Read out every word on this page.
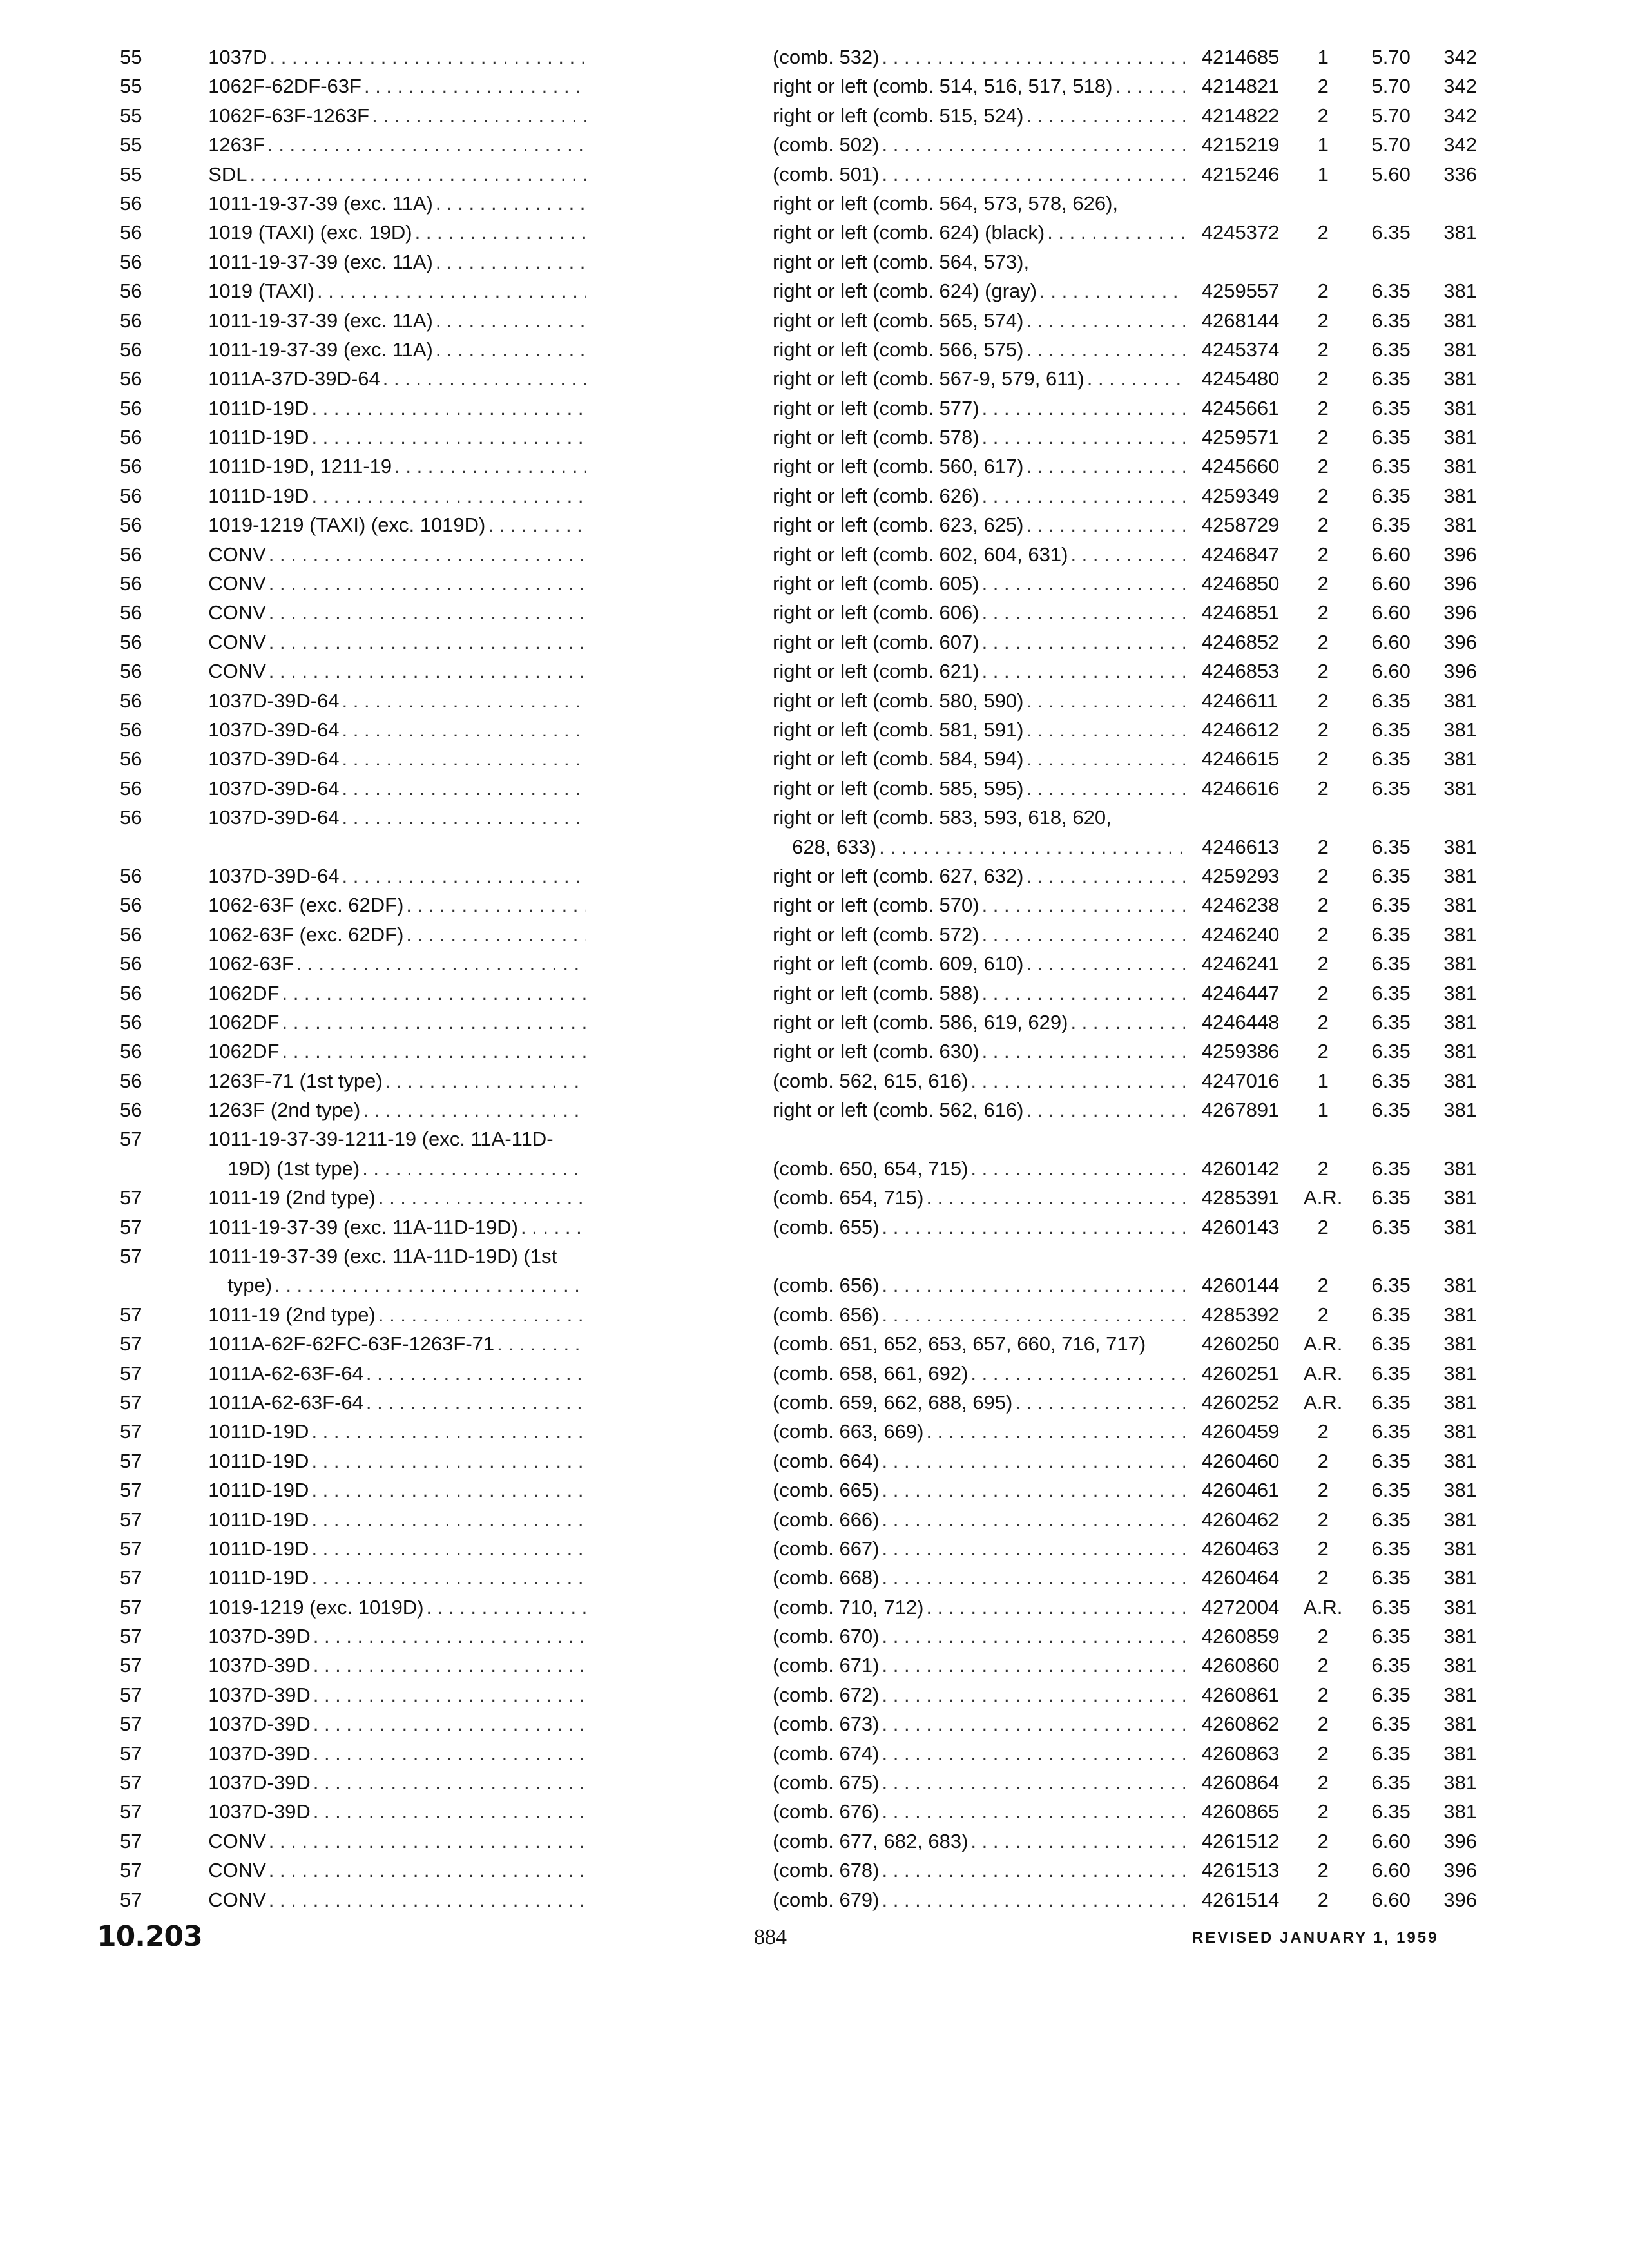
55	1037D . . .	(comb. 532) . . .	4214685	1	5.70	342
55	1062F-62DF-63F . . .	right or left (comb. 514, 516, 517, 518) . . .	4214821	2	5.70	342
55	1062F-63F-1263F . . .	right or left (comb. 515, 524) . . .	4214822	2	5.70	342
55	1263F . . .	(comb. 502) . . .	4215219	1	5.70	342
55	SDL . . .	(comb. 501) . . .	4215246	1	5.60	336
56	1011-19-37-39 (exc. 11A) . . .	right or left (comb. 564, 573, 578, 626),
56	1019 (TAXI) (exc. 19D) . . .	right or left (comb. 624) (black) . . .	4245372	2	6.35	381
56	1011-19-37-39 (exc. 11A) . . .	right or left (comb. 564, 573),
56	1019 (TAXI) . . .	right or left (comb. 624) (gray) . . .	4259557	2	6.35	381
56	1011-19-37-39 (exc. 11A) . . .	right or left (comb. 565, 574) . . .	4268144	2	6.35	381
56	1011-19-37-39 (exc. 11A) . . .	right or left (comb. 566, 575) . . .	4245374	2	6.35	381
56	1011A-37D-39D-64 . . .	right or left (comb. 567-9, 579, 611) . . .	4245480	2	6.35	381
56	1011D-19D . . .	right or left (comb. 577) . . .	4245661	2	6.35	381
56	1011D-19D . . .	right or left (comb. 578) . . .	4259571	2	6.35	381
56	1011D-19D, 1211-19 . . .	right or left (comb. 560, 617) . . .	4245660	2	6.35	381
56	1011D-19D . . .	right or left (comb. 626) . . .	4259349	2	6.35	381
56	1019-1219 (TAXI) (exc. 1019D) . . .	right or left (comb. 623, 625) . . .	4258729	2	6.35	381
56	CONV . . .	right or left (comb. 602, 604, 631) . . .	4246847	2	6.60	396
56	CONV . . .	right or left (comb. 605) . . .	4246850	2	6.60	396
56	CONV . . .	right or left (comb. 606) . . .	4246851	2	6.60	396
56	CONV . . .	right or left (comb. 607) . . .	4246852	2	6.60	396
56	CONV . . .	right or left (comb. 621) . . .	4246853	2	6.60	396
56	1037D-39D-64 . . .	right or left (comb. 580, 590) . . .	4246611	2	6.35	381
56	1037D-39D-64 . . .	right or left (comb. 581, 591) . . .	4246612	2	6.35	381
56	1037D-39D-64 . . .	right or left (comb. 584, 594) . . .	4246615	2	6.35	381
56	1037D-39D-64 . . .	right or left (comb. 585, 595) . . .	4246616	2	6.35	381
56	1037D-39D-64 . . .	right or left (comb. 583, 593, 618, 620,
628, 633) . . .	4246613	2	6.35	381
56	1037D-39D-64 . . .	right or left (comb. 627, 632) . . .	4259293	2	6.35	381
56	1062-63F (exc. 62DF) . . .	right or left (comb. 570) . . .	4246238	2	6.35	381
56	1062-63F (exc. 62DF) . . .	right or left (comb. 572) . . .	4246240	2	6.35	381
56	1062-63F . . .	right or left (comb. 609, 610) . . .	4246241	2	6.35	381
56	1062DF . . .	right or left (comb. 588) . . .	4246447	2	6.35	381
56	1062DF . . .	right or left (comb. 586, 619, 629) . . .	4246448	2	6.35	381
56	1062DF . . .	right or left (comb. 630) . . .	4259386	2	6.35	381
56	1263F-71 (1st type) . . .	(comb. 562, 615, 616) . . .	4247016	1	6.35	381
56	1263F (2nd type) . . .	right or left (comb. 562, 616) . . .	4267891	1	6.35	381
57	1011-19-37-39-1211-19 (exc. 11A-11D-
19D) (1st type) . . .	(comb. 650, 654, 715) . . .	4260142	2	6.35	381
57	1011-19 (2nd type) . . .	(comb. 654, 715) . . .	4285391	A.R.	6.35	381
57	1011-19-37-39 (exc. 11A-11D-19D) . . .	(comb. 655) . . .	4260143	2	6.35	381
57	1011-19-37-39 (exc. 11A-11D-19D) (1st
type) . . .	(comb. 656) . . .	4260144	2	6.35	381
57	1011-19 (2nd type) . . .	(comb. 656) . . .	4285392	2	6.35	381
57	1011A-62F-62FC-63F-1263F-71 . . .	(comb. 651, 652, 653, 657, 660, 716, 717)	4260250	A.R.	6.35	381
57	1011A-62-63F-64 . . .	(comb. 658, 661, 692) . . .	4260251	A.R.	6.35	381
57	1011A-62-63F-64 . . .	(comb. 659, 662, 688, 695) . . .	4260252	A.R.	6.35	381
57	1011D-19D . . .	(comb. 663, 669) . . .	4260459	2	6.35	381
57	1011D-19D . . .	(comb. 664) . . .	4260460	2	6.35	381
57	1011D-19D . . .	(comb. 665) . . .	4260461	2	6.35	381
57	1011D-19D . . .	(comb. 666) . . .	4260462	2	6.35	381
57	1011D-19D . . .	(comb. 667) . . .	4260463	2	6.35	381
57	1011D-19D . . .	(comb. 668) . . .	4260464	2	6.35	381
57	1019-1219 (exc. 1019D) . . .	(comb. 710, 712) . . .	4272004	A.R.	6.35	381
57	1037D-39D . . .	(comb. 670) . . .	4260859	2	6.35	381
57	1037D-39D . . .	(comb. 671) . . .	4260860	2	6.35	381
57	1037D-39D . . .	(comb. 672) . . .	4260861	2	6.35	381
57	1037D-39D . . .	(comb. 673) . . .	4260862	2	6.35	381
57	1037D-39D . . .	(comb. 674) . . .	4260863	2	6.35	381
57	1037D-39D . . .	(comb. 675) . . .	4260864	2	6.35	381
57	1037D-39D . . .	(comb. 676) . . .	4260865	2	6.35	381
57	CONV . . .	(comb. 677, 682, 683) . . .	4261512	2	6.60	396
57	CONV . . .	(comb. 678) . . .	4261513	2	6.60	396
57	CONV . . .	(comb. 679) . . .	4261514	2	6.60	396
10.203	884	REVISED JANUARY 1, 1959
